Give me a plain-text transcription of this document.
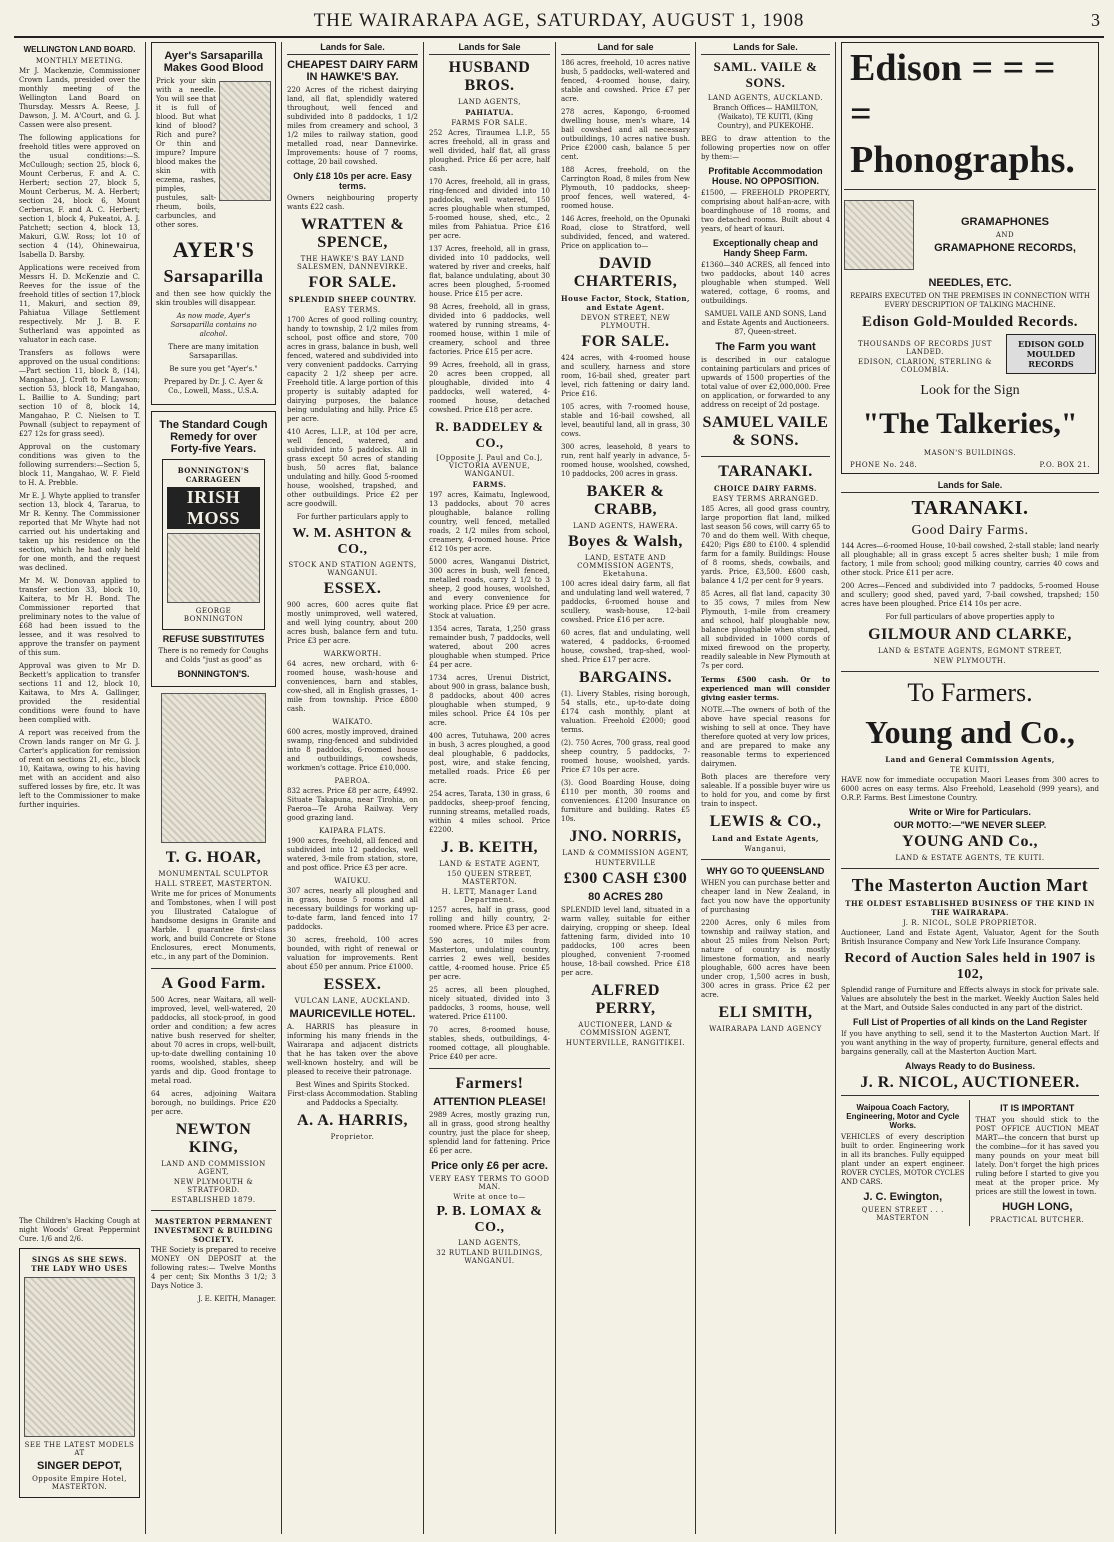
THE WAIRARAPA AGE, SATURDAY, AUGUST 1, 1908	3
WELLINGTON LAND BOARD.
MONTHLY MEETING.

Mr J. Mackenzie, Commissioner Crown Lands, presided over the monthly meeting of the Wellington Land Board on Thursday. Messrs A. Reese, J. Dawson, J. M. A'Court, and G. J. Cassen were also present.

The following applications for freehold titles were approved on the usual conditions:—S. McCullough; section 25, block 6, Mount Cerberus, F. and A. C. Herbert; section 27, block 5, Mount Cerberus, M. A. Herbert; section 24, block 6, Mount Cerberus, F. and A. C. Herbert; section 1, block 4, Pukeatoi, A. J. Patchett; section 4, block 13, Makuri, G.W. Ross; lot 10 of section 4 (14), Ohinewairua, Isabella D. Barsby.

Applications were received from Messrs H. D. McKenzie and C. Reeves for the issue of the freehold titles of section 17,block 11, Makuri, and section 89, Pahiatua Village Settlement respectively. Mr J. B. F. Sutherland was appointed as valuator in each case.

Transfers as follows were approved on the usual conditions:—Part section 11, block 8, (14), Mangahao, J. Croft to F. Lawson; section 53, block 18, Mangahao, L. Baillie to A. Sunding; part section 10 of 8, block 14, Mangahao, P. C. Nielsen to T. Pownall (subject to repayment of £27 12s for grass seed).

Approval on the customary conditions was given to the following surrenders:—Section 5, block 11, Mangahao, W. F. Field to H. A. Prebble.

Mr E. J. Whyte applied to transfer section 13, block 4, Tararua, to Mr R. Kenny. The Commissioner reported that Mr Whyte had not carried out his undertaking and taken up his residence on the section, which he had only held for one month, and the request was declined.

Mr M. W. Donovan applied to transfer section 33, block 10, Kaitera, to Mr H. Bond. The Commissioner reported that preliminary notes to the value of £68 had been issued to the lessee, and it was resolved to approve the transfer on payment of this sum.

Approval was given to Mr D. Beckett's application to transfer sections 11 and 12, block 10, Kaitawa, to Mrs A. Gallinger, provided the residential conditions were found to have been complied with.

A report was received from the Crown lands ranger on Mr G. J. Carter's application for remission of rent on sections 21, etc., block 10, Kaitawa, owing to his having met with an accident and also suffered losses by fire, etc. It was left to the Commissioner to make further inquiries.

The Children's Hacking Cough at night Woods' Great Peppermint Cure. 1/6 and 2/6.

SINGS AS SHE SEWS. THE LADY WHO USES
SEE THE LATEST MODELS AT
SINGER DEPOT,
Opposite Empire Hotel, MASTERTON.
Ayer's Sarsaparilla Makes Good Blood

Prick your skin with a needle. You will see that it is full of blood. But what kind of blood? Rich and pure? Or thin and impure? Impure blood makes the skin with eczema, rashes, pimples, pustules, salt-rheum, boils, carbuncles, and other sores.

AYER'S
Sarsaparilla

and then see how quickly the skin troubles will disappear.

As now made, Ayer's Sarsaparilla contains no alcohol.

There are many imitation Sarsaparillas.

Be sure you get "Ayer's."

Prepared by Dr. J. C. Ayer & Co., Lowell, Mass., U.S.A.

The Standard Cough Remedy for over Forty-five Years.
BONNINGTON'S CARRAGEEN
IRISH MOSS
GEORGE BONNINGTON
REFUSE SUBSTITUTES

There is no remedy for Coughs and Colds "just as good" as

BONNINGTON'S.
T. G. HOAR,
MONUMENTAL SCULPTOR
HALL STREET, MASTERTON.

Write me for prices of Monuments and Tombstones, when I will post you Illustrated Catalogue of handsome designs in Granite and Marble. I guarantee first-class work, and build Concrete or Stone Enclosures, erect Monuments, etc., in any part of the Dominion.

A Good Farm.

500 Acres, near Waitara, all well-improved, level, well-watered, 20 paddocks, all stock-proof, in good order and condition; a few acres native bush reserved for shelter, about 70 acres in crops, well-built, up-to-date dwelling containing 10 rooms, woolshed, stables, sheep yards and dip. Good frontage to metal road.

64 acres, adjoining Waitara borough, no buildings. Price £20 per acre.

NEWTON KING,
LAND AND COMMISSION AGENT,
NEW PLYMOUTH & STRATFORD.
ESTABLISHED 1879.
MASTERTON PERMANENT INVESTMENT & BUILDING SOCIETY.

THE Society is prepared to receive MONEY ON DEPOSIT at the following rates:— Twelve Months 4 per cent; Six Months 3 1/2; 3 Days Notice 3.

J. E. KEITH, Manager.

Lands for Sale.
CHEAPEST DAIRY FARM IN HAWKE'S BAY.

220 Acres of the richest dairying land, all flat, splendidly watered throughout, well fenced and subdivided into 8 paddocks, 1 1/2 miles from creamery and school, 3 1/2 miles to railway station, good metalled road, near Dannevirke. Improvements: house of 7 rooms, cottage, 20 bail cowshed.

Only £18 10s per acre. Easy terms.

Owners neighbouring property wants £22 cash.

WRATTEN & SPENCE,
THE HAWKE'S BAY LAND SALESMEN, DANNEVIRKE.
FOR SALE.
SPLENDID SHEEP COUNTRY.
EASY TERMS.

1700 Acres of good rolling country, handy to township, 2 1/2 miles from school, post office and store, 700 acres in grass, balance in bush, well fenced, watered and subdivided into very convenient paddocks. Carrying capacity 2 1/2 sheep per acre. Freehold title. A large portion of this property is suitably adapted for dairying purposes, the balance being undulating and hilly. Price £5 per acre.

410 Acres, L.I.P., at 10d per acre, well fenced, watered, and subdivided into 5 paddocks. All in grass except 50 acres of standing bush, 50 acres flat, balance undulating and hilly. Good 5-roomed house, woolshed, trapshed, and other outbuildings. Price £2 per acre goodwill.

For further particulars apply to

W. M. ASHTON & CO.,
STOCK AND STATION AGENTS, WANGANUI.
ESSEX.

900 acres, 600 acres quite flat mostly unimproved, well watered, and well lying country, about 200 acres bush, balance fern and tutu. Price £3 per acre.

WARKWORTH.

64 acres, new orchard, with 6-roomed house, wash-house and conveniences, barn and stables, cow-shed, all in English grasses, 1-mile from township. Price £800 cash.

WAIKATO.

600 acres, mostly improved, drained swamp, ring-fenced and subdivided into 8 paddocks, 6-roomed house and outbuildings, cowsheds, workmen's cottage. Price £10,000.

PAEROA.

832 acres. Price £8 per acre, £4992. Situate Takapuna, near Tirohia, on Paeroa—Te Aroha Railway. Very good grazing land.

KAIPARA FLATS.

1900 acres, freehold, all fenced and subdivided into 12 paddocks, well watered, 3-mile from station, store, and post office. Price £3 per acre.

WAIUKU.

307 acres, nearly all ploughed and in grass, house 5 rooms and all necessary buildings for working up-to-date farm, land fenced into 17 paddocks.

30 acres, freehold, 100 acres bounded, with right of renewal or valuation for improvements. Rent about £50 per annum. Price £1000.

ESSEX.
VULCAN LANE, AUCKLAND.
MAURICEVILLE HOTEL.

A. HARRIS has pleasure in informing his many friends in the Wairarapa and adjacent districts that he has taken over the above well-known hostelry, and will be pleased to receive their patronage.

Best Wines and Spirits Stocked. First-class Accommodation. Stabling and Paddocks a Specialty.

A. A. HARRIS,
Proprietor.
Lands for Sale
HUSBAND BROS.
LAND AGENTS,
PAHIATUA.
FARMS FOR SALE.

252 Acres, Tiraumea L.I.P., 55 acres freehold, all in grass and well divided, half flat, all grass ploughed. Price £6 per acre, half cash.

170 Acres, freehold, all in grass, ring-fenced and divided into 10 paddocks, well watered, 150 acres ploughable when stumped, 5-roomed house, shed, etc., 2 miles from Pahiatua. Price £16 per acre.

137 Acres, freehold, all in grass, divided into 10 paddocks, well watered by river and creeks, half flat, balance undulating, about 30 acres been ploughed, 5-roomed house. Price £15 per acre.

98 Acres, freehold, all in grass, divided into 6 paddocks, well watered by running streams, 4-roomed house, within 1 mile of creamery, school and three factories. Price £15 per acre.

99 Acres, freehold, all in grass, 20 acres been cropped, all ploughable, divided into 4 paddocks, well watered, 4-roomed house, detached cowshed. Price £18 per acre.

R. BADDELEY & CO.,
[Opposite J. Paul and Co.], VICTORIA AVENUE, WANGANUI.
FARMS.

197 acres, Kaimatu, Inglewood, 13 paddocks, about 70 acres ploughable, balance rolling country, well fenced, metalled roads, 2 1/2 miles from school, creamery, 4-roomed house. Price £12 10s per acre.

5000 acres, Wanganui District, 300 acres in bush, well fenced, metalled roads, carry 2 1/2 to 3 sheep, 2 good houses, woolshed, and every convenience for working place. Price £9 per acre. Stock at valuation.

1354 acres, Tarata, 1,250 grass remainder bush, 7 paddocks, well watered, about 200 acres ploughable when stumped. Price £4 per acre.

1734 acres, Urenui District, about 900 in grass, balance bush, 8 paddocks, about 400 acres ploughable when stumped, 9 miles school. Price £4 10s per acre.

400 acres, Tutuhawa, 200 acres in bush, 3 acres ploughed, a good deal ploughable, 6 paddocks, post, wire, and stake fencing, metalled roads. Price £6 per acre.

254 acres, Tarata, 130 in grass, 6 paddocks, sheep-proof fencing, running streams, metalled roads, within 4 miles school. Price £2200.

J. B. KEITH,
LAND & ESTATE AGENT,
150 QUEEN STREET, MASTERTON.
H. LETT, Manager Land Department.

1257 acres, half in grass, good rolling and hilly country, 2-roomed where. Price £3 per acre.

590 acres, 10 miles from Masterton, undulating country, carries 2 ewes well, besides cattle, 4-roomed house. Price £5 per acre.

25 acres, all been ploughed, nicely situated, divided into 3 paddocks, 3 rooms, house, well watered. Price £1100.

70 acres, 8-roomed house, stables, sheds, outbuildings, 4-roomed cottage, all ploughable. Price £40 per acre.

Farmers!
ATTENTION PLEASE!

2989 Acres, mostly grazing run, all in grass, good strong healthy country, just the place for sheep, splendid land for fattening. Price £6 per acre.

Price only £6 per acre.
VERY EASY TERMS TO GOOD MAN.
Write at once to—
P. B. LOMAX & CO.,
LAND AGENTS,
32 RUTLAND BUILDINGS, WANGANUI.
Land for sale

186 acres, freehold, 10 acres native bush, 5 paddocks, well-watered and fenced, 4-roomed house, dairy, stable and cowshed. Price £7 per acre.

278 acres, Kapongo, 6-roomed dwelling house, men's whare, 14 bail cowshed and all necessary outbuildings, 10 acres native bush. Price £2000 cash, balance 5 per cent.

188 Acres, freehold, on the Carrington Road, 8 miles from New Plymouth, 10 paddocks, sheep-proof fences, well watered, 4-roomed house.

146 Acres, freehold, on the Opunaki Road, close to Stratford, well subdivided, fenced, and watered. Price on application to—

DAVID CHARTERIS,
House Factor, Stock, Station, and Estate Agent.
DEVON STREET, NEW PLYMOUTH.
FOR SALE.

424 acres, with 4-roomed house and scullery, harness and store room, 16-bail shed, greater part level, rich fattening or dairy land. Price £16.

105 acres, with 7-roomed house, stable and 16-bail cowshed, all level, beautiful land, all in grass, 30 cows.

300 acres, leasehold, 8 years to run, rent half yearly in advance, 5-roomed house, woolshed, cowshed, 10 paddocks, 200 acres in grass.

BAKER & CRABB,
LAND AGENTS, HAWERA.
Boyes & Walsh,
LAND, ESTATE AND COMMISSION AGENTS, Eketahuna.

100 acres ideal dairy farm, all flat and undulating land well watered, 7 paddocks, 6-roomed house and scullery, wash-house, 12-bail cowshed. Price £16 per acre.

60 acres, flat and undulating, well watered, 4 paddocks, 6-roomed house, cowshed, trap-shed, wool-shed. Price £17 per acre.

BARGAINS.

(1). Livery Stables, rising borough, 54 stalls, etc., up-to-date doing £174 cash monthly, plant at valuation. Freehold £2000; good terms.

(2). 750 Acres, 700 grass, real good sheep country, 5 paddocks, 7-roomed house, woolshed, yards. Price £7 10s per acre.

(3). Good Boarding House, doing £110 per month, 30 rooms and conveniences. £1200 Insurance on furniture and building. Rates £5 10s.

JNO. NORRIS,
LAND & COMMISSION AGENT,
HUNTERVILLE
£300 CASH £300
80 ACRES 280

SPLENDID level land, situated in a warm valley, suitable for either dairying, cropping or sheep. Ideal fattening farm, divided into 10 paddocks, 100 acres been ploughed, convenient 7-roomed house, 18-bail cowshed. Price £18 per acre.

ALFRED PERRY,
AUCTIONEER, LAND & COMMISSION AGENT,
HUNTERVILLE, RANGITIKEI.
Lands for Sale.
SAML. VAILE & SONS.
LAND AGENTS, AUCKLAND.

Branch Offices— HAMILTON, (Waikato), TE KUITI, (King Country), and PUKEKOHE.

BEG to draw attention to the following properties now on offer by them:—

Profitable Accommodation House. NO OPPOSITION.

£1500, — FREEHOLD PROPERTY, comprising about half-an-acre, with boardinghouse of 18 rooms, and two detached rooms. Built about 4 years, of heart of kauri.

Exceptionally cheap and Handy Sheep Farm.

£1360—340 ACRES, all fenced into two paddocks, about 140 acres ploughable when stumped. Well watered, cottage, 6 rooms, and outbuildings.

SAMUEL VAILE AND SONS, Land and Estate Agents and Auctioneers. 87, Queen-street.

The Farm you want

is described in our catalogue containing particulars and prices of upwards of 1500 properties of the total value of over £2,000,000. Free on application, or forwarded to any address on receipt of 2d postage.

SAMUEL VAILE & SONS.
TARANAKI.
CHOICE DAIRY FARMS.
EASY TERMS ARRANGED.

185 Acres, all good grass country, large proportion flat land, milked last season 56 cows, will carry 65 to 70 and do them well. With cheque, £420; Pigs £80 to £100. 4 splendid farm for a family. Buildings: House of 8 rooms, sheds, cowbails, and yards. Price, £3,500. £600 cash, balance 4 1/2 per cent for 9 years.

85 Acres, all flat land, capacity 30 to 35 cows, 7 miles from New Plymouth, 1-mile from creamery and school, half ploughable now, balance ploughable when stumped, all subdivided in 1000 cords of mixed firewood on the property, readily saleable in New Plymouth at 7s per cord.

Terms £500 cash. Or to experienced man will consider giving easier terms.

NOTE.—The owners of both of the above have special reasons for wishing to sell at once. They have therefore quoted at very low prices, and are prepared to make any reasonable terms to experienced dairymen.

Both places are therefore very saleable. If a possible buyer wire us to hold for you, and come by first train to inspect.

LEWIS & CO.,
Land and Estate Agents,
Wanganui,
WHY GO TO QUEENSLAND

WHEN you can purchase better and cheaper land in New Zealand, in fact you now have the opportunity of purchasing

2200 Acres, only 6 miles from township and railway station, and about 25 miles from Nelson Port; nature of country is mostly limestone formation, and nearly ploughable, 600 acres have been under crop, 1,500 acres in bush, 300 acres in grass. Price £2 per acre.

ELI SMITH,
WAIRARAPA LAND AGENCY
Edison = = =
= Phonographs.
GRAMAPHONES
AND
GRAMAPHONE RECORDS,
NEEDLES, ETC.

REPAIRS EXECUTED ON THE PREMISES IN CONNECTION WITH EVERY DESCRIPTION OF TALKING MACHINE.

Edison Gold-Moulded Records.
THOUSANDS OF RECORDS JUST LANDED.
EDISON, CLARION, STERLING & COLOMBIA.
EDISON GOLD MOULDED RECORDS
Look for the Sign
"The Talkeries,"
MASON'S BUILDINGS.
PHONE No. 248.	P.O. BOX 21.
Lands for Sale.
TARANAKI.
Good Dairy Farms.

144 Acres—6-roomed House, 10-bail cowshed, 2-stall stable; land nearly all ploughable; all in grass except 5 acres shelter bush; 1 mile from factory, 1 mile from school; good milking country, carries 40 cows and other stock. Price £11 per acre.

200 Acres—Fenced and subdivided into 7 paddocks, 5-roomed House and scullery; good shed, paved yard, 7-bail cowshed, trapshed; 150 acres have been ploughed. Price £14 10s per acre.

For full particulars of above properties apply to

GILMOUR AND CLARKE,
LAND & ESTATE AGENTS, EGMONT STREET,
NEW PLYMOUTH.
To Farmers.
Young and Co.,
Land and General Commission Agents,
TE KUITI,

HAVE now for immediate occupation Maori Leases from 300 acres to 6000 acres on easy terms. Also Freehold, Leasehold (999 years), and O.R.P. Farms. Best Limestone Country.

Write or Wire for Particulars.
OUR MOTTO:—"WE NEVER SLEEP.
YOUNG AND Co.,
LAND & ESTATE AGENTS, TE KUITI.
The Masterton Auction Mart
THE OLDEST ESTABLISHED BUSINESS OF THE KIND IN THE WAIRARAPA.
J. R. NICOL, SOLE PROPRIETOR.

Auctioneer, Land and Estate Agent, Valuator, Agent for the South British Insurance Company and New York Life Insurance Company.

Record of Auction Sales held in 1907 is 102,

Splendid range of Furniture and Effects always in stock for private sale. Values are absolutely the best in the market. Weekly Auction Sales held at the Mart, and Outside Sales conducted in any part of the district.

Full List of Properties of all kinds on the Land Register

If you have anything to sell, send it to the Masterton Auction Mart. If you want anything in the way of property, furniture, general effects and bargains generally, call at the Masterton Auction Mart.

Always Ready to do Business.
J. R. NICOL, AUCTIONEER.
Waipoua Coach Factory, Engineering, Motor and Cycle Works.

VEHICLES of every description built to order. Engineering work in all its branches. Fully equipped plant under an expert engineer. ROVER CYCLES, MOTOR CYCLES AND CARS.

J. C. Ewington,
QUEEN STREET . . . MASTERTON
IT IS IMPORTANT

THAT you should stick to the POST OFFICE AUCTION MEAT MART—the concern that burst up the combine—for it has saved you many pounds on your meat bill lately. Don't forget the high prices ruling before I started to give you meat at the proper price. My prices are still the lowest in town.

HUGH LONG,
PRACTICAL BUTCHER.
